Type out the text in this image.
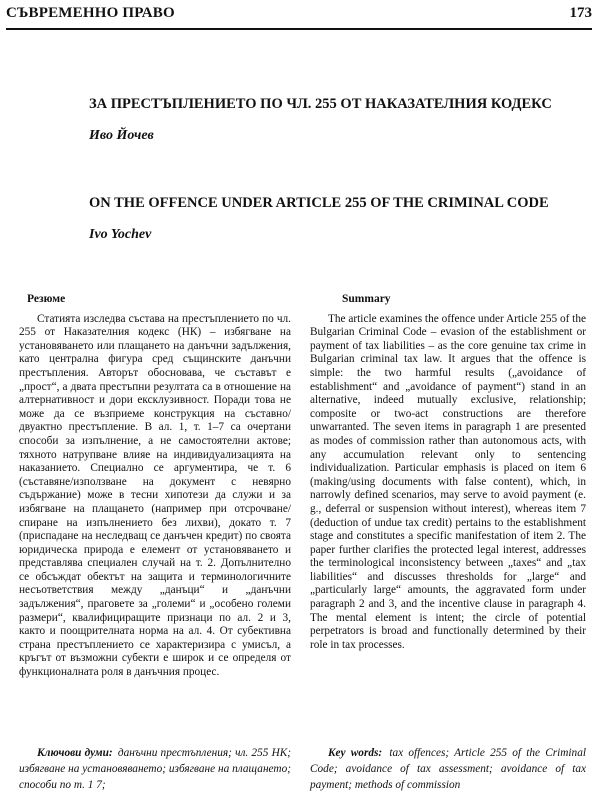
СЪВРЕМЕННО ПРАВО	173
ЗА ПРЕСТЪПЛЕНИЕТО ПО ЧЛ. 255 ОТ НАКАЗАТЕЛНИЯ КОДЕКС
Иво Йочев
ON THE OFFENCE UNDER ARTICLE 255 OF THE CRIMINAL CODE
Ivo Yochev
Резюме

Статията изследва състава на престъплението по чл. 255 от Наказателния кодекс (НК) – избягване на установяването или плащането на данъчни задължения, като централна фигура сред същинските данъчни престъпления. Авторът обосновава, че съставът е „прост“, а двата престъпни резултата са в отношение на алтернативност и дори ексклузивност. Поради това не може да се възприеме конструкция на съставно/двуактно престъпление. В ал. 1, т. 1–7 са очертани способи за изпълнение, а не самостоятелни актове; тяхното натрупване влияе на индивидуализацията на наказанието. Специално се аргументира, че т. 6 (съставяне/използване на документ с невярно съдържание) може в тесни хипотези да служи и за избягване на плащането (например при отсрочване/спиране на изпълнението без лихви), докато т. 7 (приспадане на неследващ се данъчен кредит) по своята юридическа природа е елемент от установяването и представлява специален случай на т. 2. Допълнително се обсъждат обектът на защита и терминологичните несъответствия между „данъци“ и „данъчни задължения“, праговете за „големи“ и „особено големи размери“, квалифициращите признаци по ал. 2 и 3, както и поощрителната норма на ал. 4. От субективна страна престъплението се характеризира с умисъл, а кръгът от възможни субекти е широк и се определя от функционалната роля в данъчния процес.

Summary

The article examines the offence under Article 255 of the Bulgarian Criminal Code – evasion of the establishment or payment of tax liabilities – as the core genuine tax crime in Bulgarian criminal tax law. It argues that the offence is simple: the two harmful results („avoidance of establishment“ and „avoidance of payment“) stand in an alternative, indeed mutually exclusive, relationship; composite or two-act constructions are therefore unwarranted. The seven items in paragraph 1 are presented as modes of commission rather than autonomous acts, with any accumulation relevant only to sentencing individualization. Particular emphasis is placed on item 6 (making/using documents with false content), which, in narrowly defined scenarios, may serve to avoid payment (e. g., deferral or suspension without interest), whereas item 7 (deduction of undue tax credit) pertains to the establishment stage and constitutes a specific manifestation of item 2. The paper further clarifies the protected legal interest, addresses the terminological inconsistency between „taxes“ and „tax liabilities“ and discusses thresholds for „large“ and „particularly large“ amounts, the aggravated form under paragraph 2 and 3, and the incentive clause in paragraph 4. The mental element is intent; the circle of potential perpetrators is broad and functionally determined by their role in tax processes.

Ключови думи: данъчни престъпления; чл. 255 НК; избягване на установяването; избягване на плащането; способи по т. 1 7;
Key words: tax offences; Article 255 of the Criminal Code; avoidance of tax assessment; avoidance of tax payment; methods of commission
